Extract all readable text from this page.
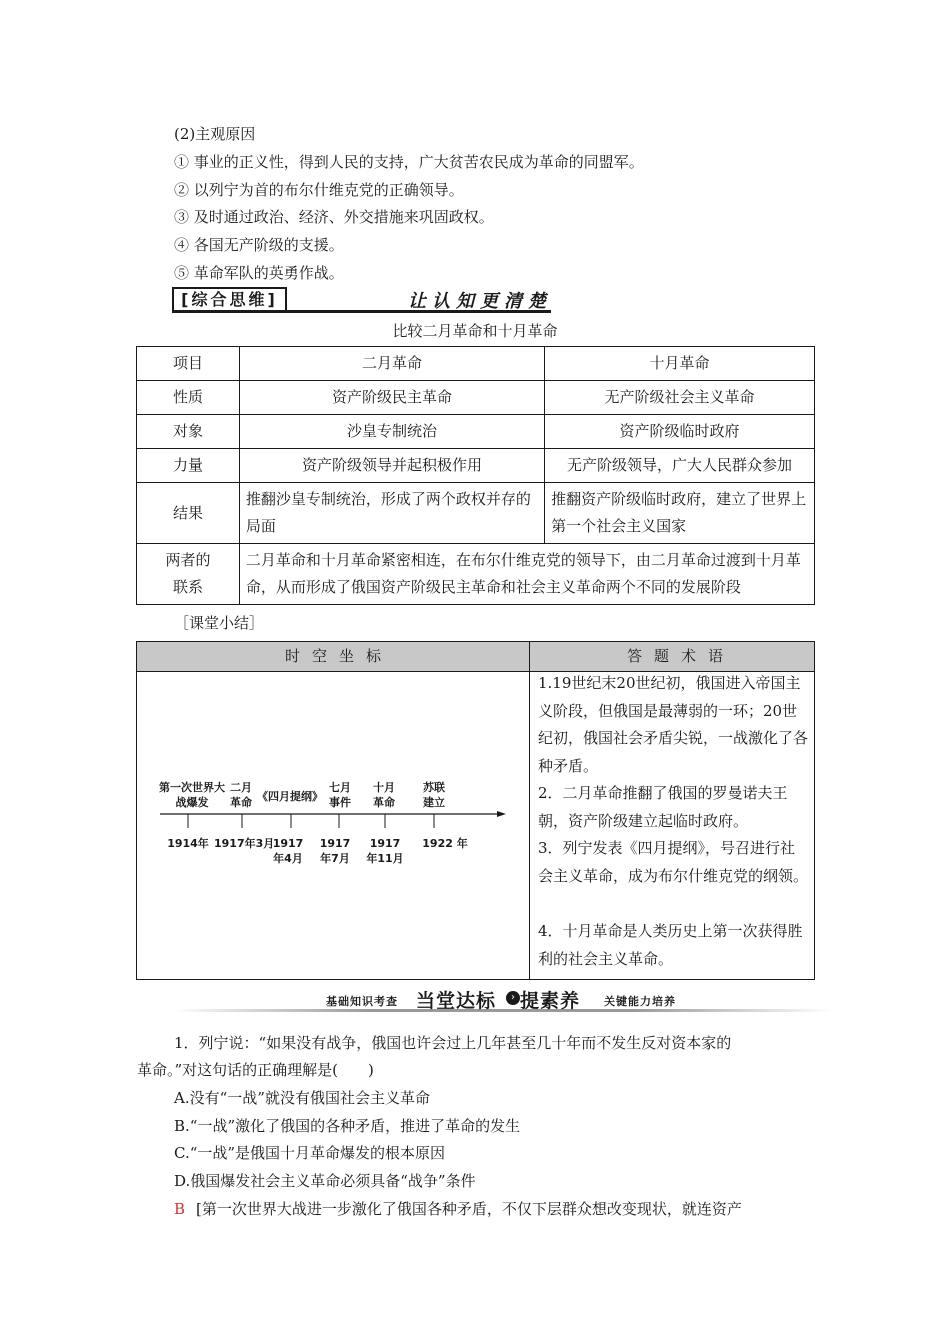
(2)主观原因
① 事业的正义性，得到人民的支持，广大贫苦农民成为革命的同盟军。
② 以列宁为首的布尔什维克党的正确领导。
③ 及时通过政治、经济、外交措施来巩固政权。
④ 各国无产阶级的支援。
⑤ 革命军队的英勇作战。
[综合思维]	让认知更清楚
比较二月革命和十月革命
项目	二月革命	十月革命
性质	资产阶级民主革命	无产阶级社会主义革命
对象	沙皇专制统治	资产阶级临时政府
力量	资产阶级领导并起积极作用	无产阶级领导，广大人民群众参加
结果	推翻沙皇专制统治，形成了两个政权并存的局面	推翻资产阶级临时政府，建立了世界上第一个社会主义国家
两者的联系	二月革命和十月革命紧密相连，在布尔什维克党的领导下，由二月革命过渡到十月革命，从而形成了俄国资产阶级民主革命和社会主义革命两个不同的发展阶段	
［课堂小结］
时空坐标	答题术语
第一次世界大战爆发
二月革命 《四月提纲》
七月事件
十月革命
苏联建立
1914年 1917年3月
1917年4月
1917年7月
1917年11月
1922 年
1.19世纪末20世纪初，俄国进入帝国主义阶段，但俄国是最薄弱的一环；20世纪初，俄国社会矛盾尖锐，一战激化了各种矛盾。
2．二月革命推翻了俄国的罗曼诺夫王朝，资产阶级建立起临时政府。
3．列宁发表《四月提纲》，号召进行社会主义革命，成为布尔什维克党的纲领。
4．十月革命是人类历史上第一次获得胜利的社会主义革命。
基础知识考查 当堂达标	› 提素养 关键能力培养
1．列宁说：“如果没有战争，俄国也许会过上几年甚至几十年而不发生反对资本家的
革命。”对这句话的正确理解是(　　)
A.没有“一战”就没有俄国社会主义革命
B.“一战”激化了俄国的各种矛盾，推进了革命的发生
C.“一战”是俄国十月革命爆发的根本原因
D.俄国爆发社会主义革命必须具备“战争”条件
B [第一次世界大战进一步激化了俄国各种矛盾，不仅下层群众想改变现状，就连资产
